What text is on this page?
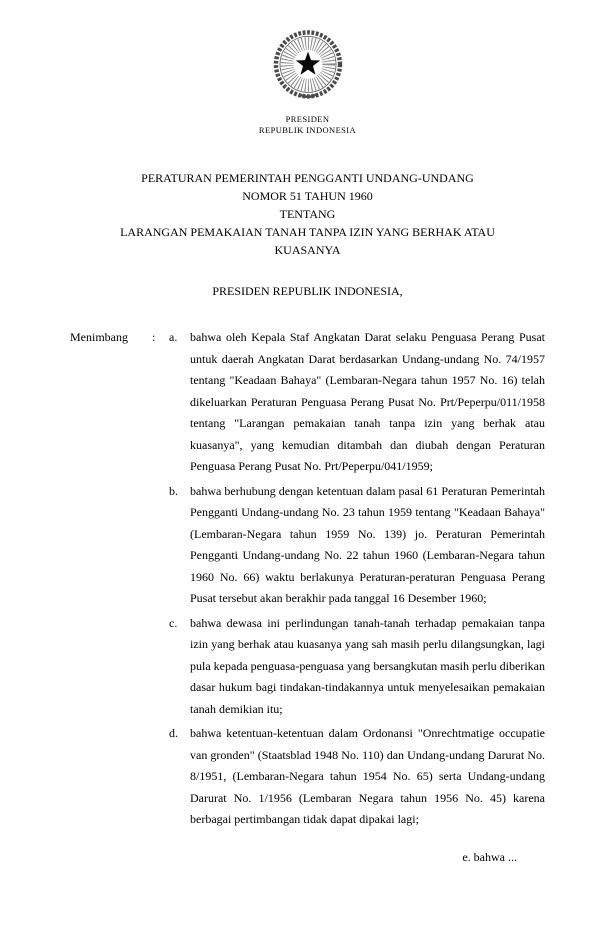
PRESIDEN
REPUBLIK INDONESIA
PERATURAN PEMERINTAH PENGGANTI UNDANG-UNDANG
NOMOR 51 TAHUN 1960
TENTANG
LARANGAN PEMAKAIAN TANAH TANPA IZIN YANG BERHAK ATAU
KUASANYA
PRESIDEN REPUBLIK INDONESIA,
Menimbang	:	a.	bahwa oleh Kepala Staf Angkatan Darat selaku Penguasa Perang Pusat untuk daerah Angkatan Darat berdasarkan Undang-undang No. 74/1957 tentang "Keadaan Bahaya" (Lembaran-Negara tahun 1957 No. 16) telah dikeluarkan Peraturan Penguasa Perang Pusat No. Prt/Peperpu/011/1958 tentang "Larangan pemakaian tanah tanpa izin yang berhak atau kuasanya", yang kemudian ditambah dan diubah dengan Peraturan Penguasa Perang Pusat No. Prt/Peperpu/041/1959;
b.	bahwa berhubung dengan ketentuan dalam pasal 61 Peraturan Pemerintah Pengganti Undang-undang No. 23 tahun 1959 tentang "Keadaan Bahaya" (Lembaran-Negara tahun 1959 No. 139) jo. Peraturan Pemerintah Pengganti Undang-undang No. 22 tahun 1960 (Lembaran-Negara tahun 1960 No. 66) waktu berlakunya Peraturan-peraturan Penguasa Perang Pusat tersebut akan berakhir pada tanggal 16 Desember 1960;
c.	bahwa dewasa ini perlindungan tanah-tanah terhadap pemakaian tanpa izin yang berhak atau kuasanya yang sah masih perlu dilangsungkan, lagi pula kepada penguasa-penguasa yang bersangkutan masih perlu diberikan dasar hukum bagi tindakan-tindakannya untuk menyelesaikan pemakaian tanah demikian itu;
d.	bahwa ketentuan-ketentuan dalam Ordonansi "Onrechtmatige occupatie van gronden" (Staatsblad 1948 No. 110) dan Undang-undang Darurat No. 8/1951, (Lembaran-Negara tahun 1954 No. 65) serta Undang-undang Darurat No. 1/1956 (Lembaran Negara tahun 1956 No. 45) karena berbagai pertimbangan tidak dapat dipakai lagi;
e. bahwa ...
